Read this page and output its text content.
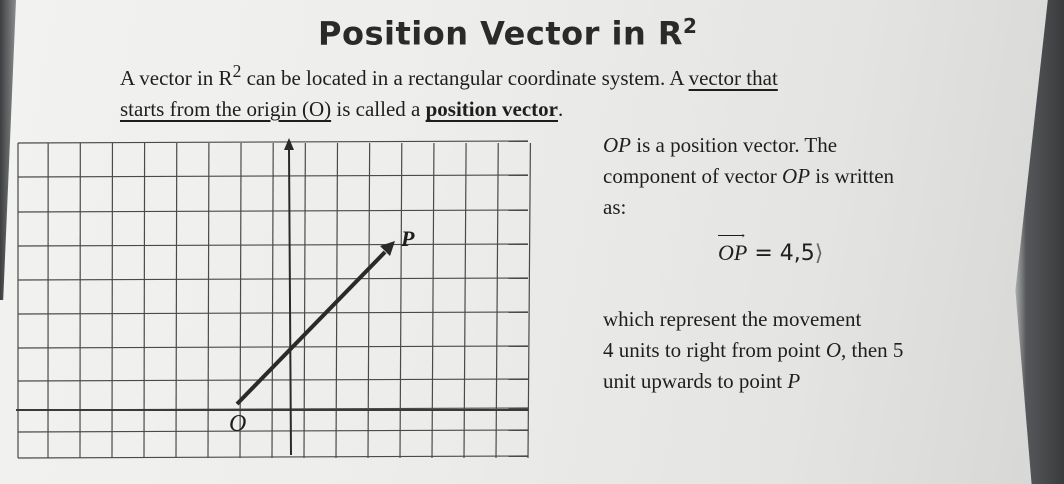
Position Vector in $R^2$
A vector in $R^2$ can be located in a rectangular coordinate system. A vector that
starts from the origin (O) is called a position vector.
P
O
OP is a position vector. The
component of vector OP is written
as:
→
OP = 4,5⟩
which represent the movement
4 units to right from point O, then 5
unit upwards to point P
